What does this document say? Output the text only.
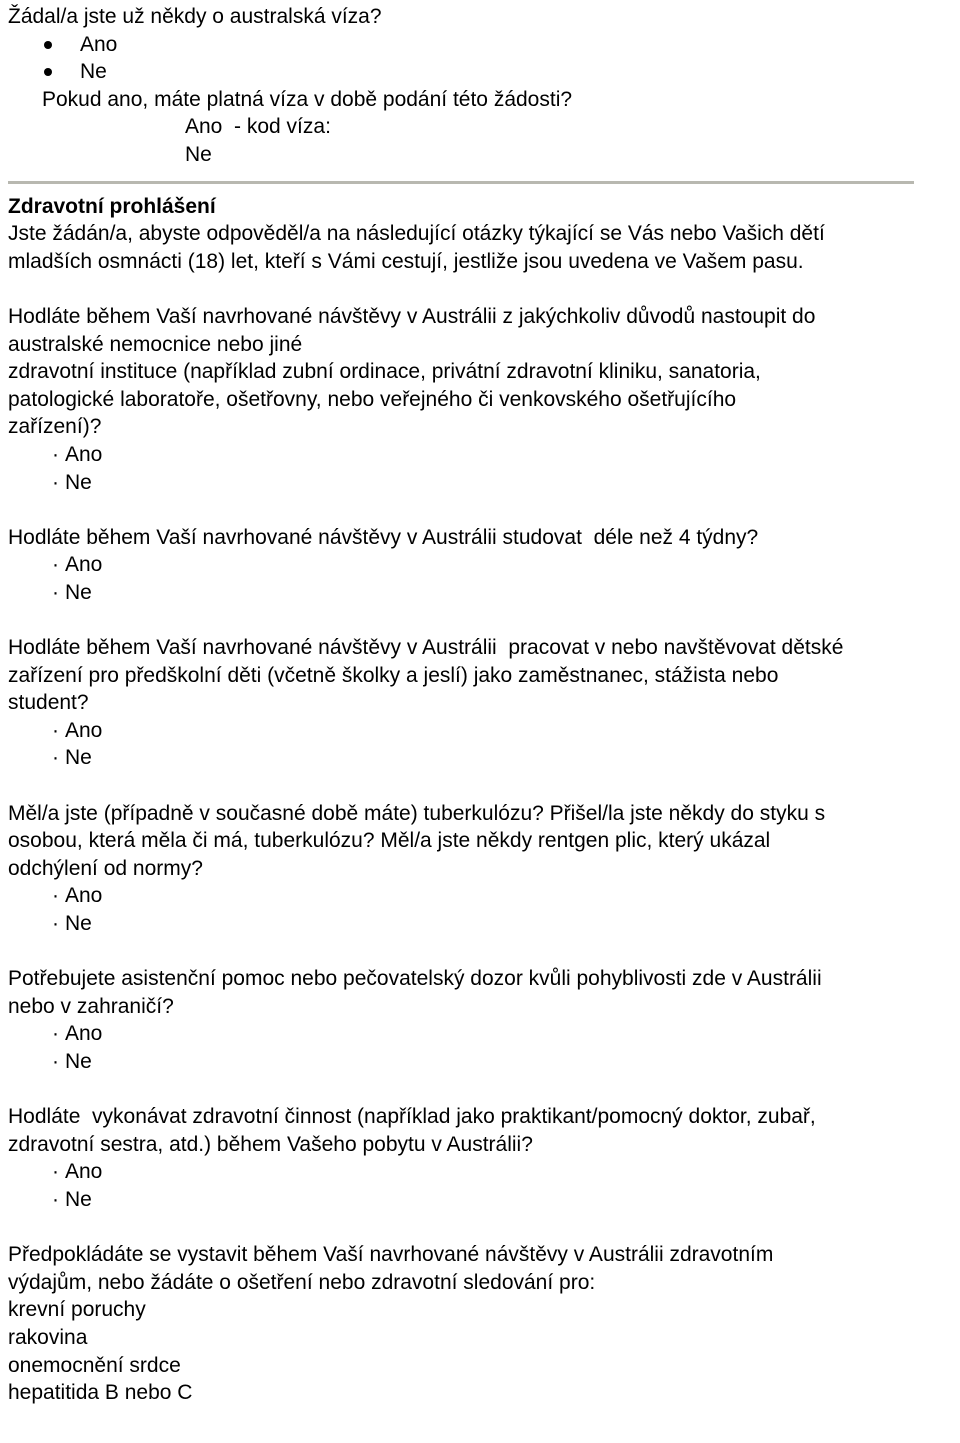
Žádal/a jste už někdy o australská víza?
Ano
Ne
Pokud ano, máte platná víza v době podání této žádosti?
Ano  - kod víza:
Ne
Zdravotní prohlášení
Jste žádán/a, abyste odpověděl/a na následující otázky týkající se Vás nebo Vašich dětí
mladších osmnácti (18) let, kteří s Vámi cestují, jestliže jsou uvedena ve Vašem pasu.
Hodláte během Vaší navrhované návštěvy v Austrálii z jakýchkoliv důvodů nastoupit do
australské nemocnice nebo jiné
zdravotní instituce (například zubní ordinace, privátní zdravotní kliniku, sanatoria,
patologické laboratoře, ošetřovny, nebo veřejného či venkovského ošetřujícího
zařízení)?
· Ano
· Ne
Hodláte během Vaší navrhované návštěvy v Austrálii studovat  déle než 4 týdny?
· Ano
· Ne
Hodláte během Vaší navrhované návštěvy v Austrálii  pracovat v nebo navštěvovat dětské
zařízení pro předškolní děti (včetně školky a jeslí) jako zaměstnanec, stážista nebo
student?
· Ano
· Ne
Měl/a jste (případně v současné době máte) tuberkulózu? Přišel/la jste někdy do styku s
osobou, která měla či má, tuberkulózu? Měl/a jste někdy rentgen plic, který ukázal
odchýlení od normy?
· Ano
· Ne
Potřebujete asistenční pomoc nebo pečovatelský dozor kvůli pohyblivosti zde v Austrálii
nebo v zahraničí?
· Ano
· Ne
Hodláte  vykonávat zdravotní činnost (například jako praktikant/pomocný doktor, zubař,
zdravotní sestra, atd.) během Vašeho pobytu v Austrálii?
· Ano
· Ne
Předpokládáte se vystavit během Vaší navrhované návštěvy v Austrálii zdravotním
výdajům, nebo žádáte o ošetření nebo zdravotní sledování pro:
krevní poruchy
rakovina
onemocnění srdce
hepatitida B nebo C
